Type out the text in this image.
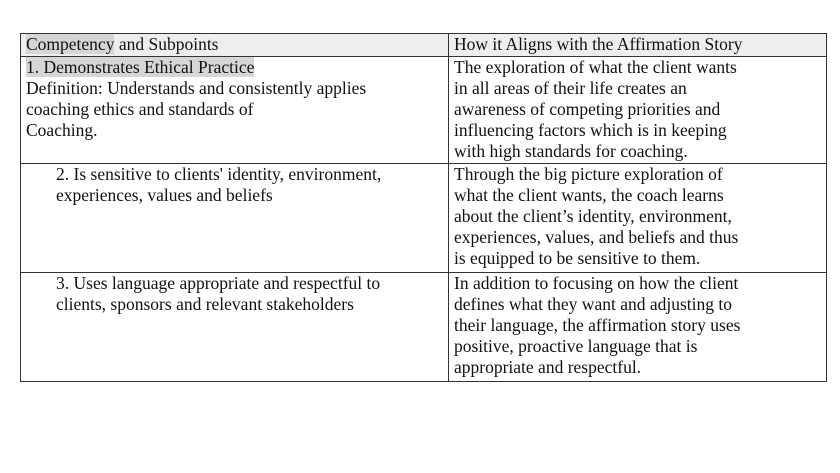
Competency and Subpoints	How it Aligns with the Affirmation Story

1. Demonstrates Ethical Practice
Definition: Understands and consistently applies
coaching ethics and standards of
Coaching.	The exploration of what the client wants
in all areas of their life creates an
awareness of competing priorities and
influencing factors which is in keeping
with high standards for coaching.

2. Is sensitive to clients' identity, environment,
experiences, values and beliefs	Through the big picture exploration of
what the client wants, the coach learns
about the client’s identity, environment,
experiences, values, and beliefs and thus
is equipped to be sensitive to them.

3. Uses language appropriate and respectful to
clients, sponsors and relevant stakeholders	In addition to focusing on how the client
defines what they want and adjusting to
their language, the affirmation story uses
positive, proactive language that is
appropriate and respectful.
